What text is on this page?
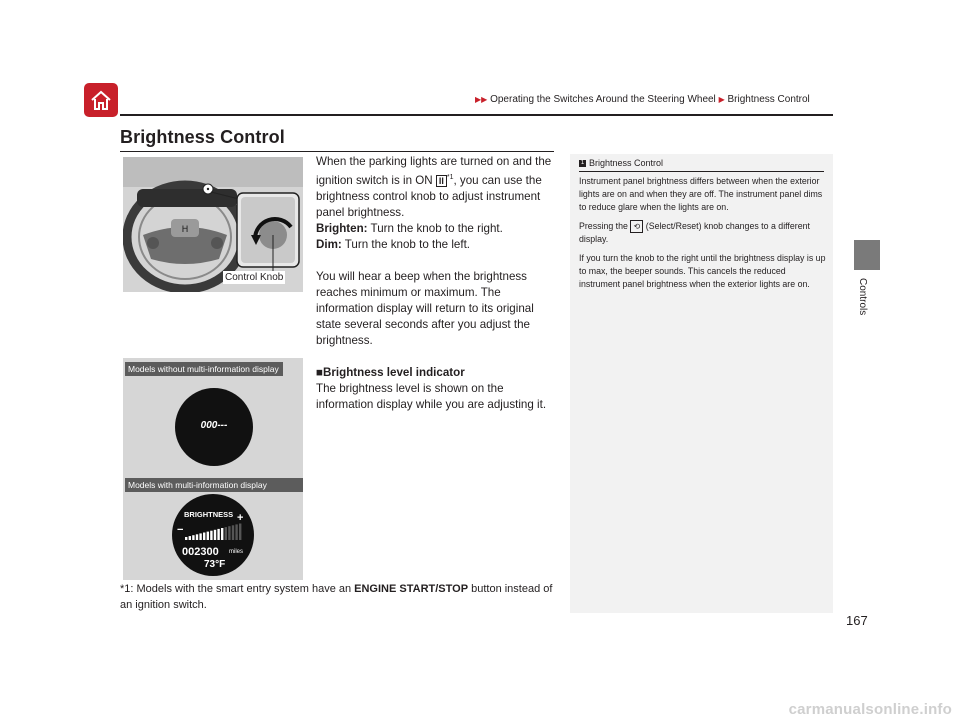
▶▶ Operating the Switches Around the Steering Wheel ▶ Brightness Control
Brightness Control
Controls
H
Control Knob
Models without multi-information display
000---
Models with multi-information display
BRIGHTNESS
−
+
002300 miles
73°F

When the parking lights are turned on and the ignition switch is in ON II $^{*1}$, you can use the brightness control knob to adjust instrument panel brightness.

Brighten: Turn the knob to the right.

Dim: Turn the knob to the left.

You will hear a beep when the brightness reaches minimum or maximum. The information display will return to its original state several seconds after you adjust the brightness.

■Brightness level indicator

The brightness level is shown on the information display while you are adjusting it.

*1: Models with the smart entry system have an ENGINE START/STOP button instead of an ignition switch.
1 Brightness Control

Instrument panel brightness differs between when the exterior lights are on and when they are off. The instrument panel dims to reduce glare when the lights are on.

Pressing the ⟲ (Select/Reset) knob changes to a different display.

If you turn the knob to the right until the brightness display is up to max, the beeper sounds. This cancels the reduced instrument panel brightness when the exterior lights are on.

167
carmanualsonline.info
